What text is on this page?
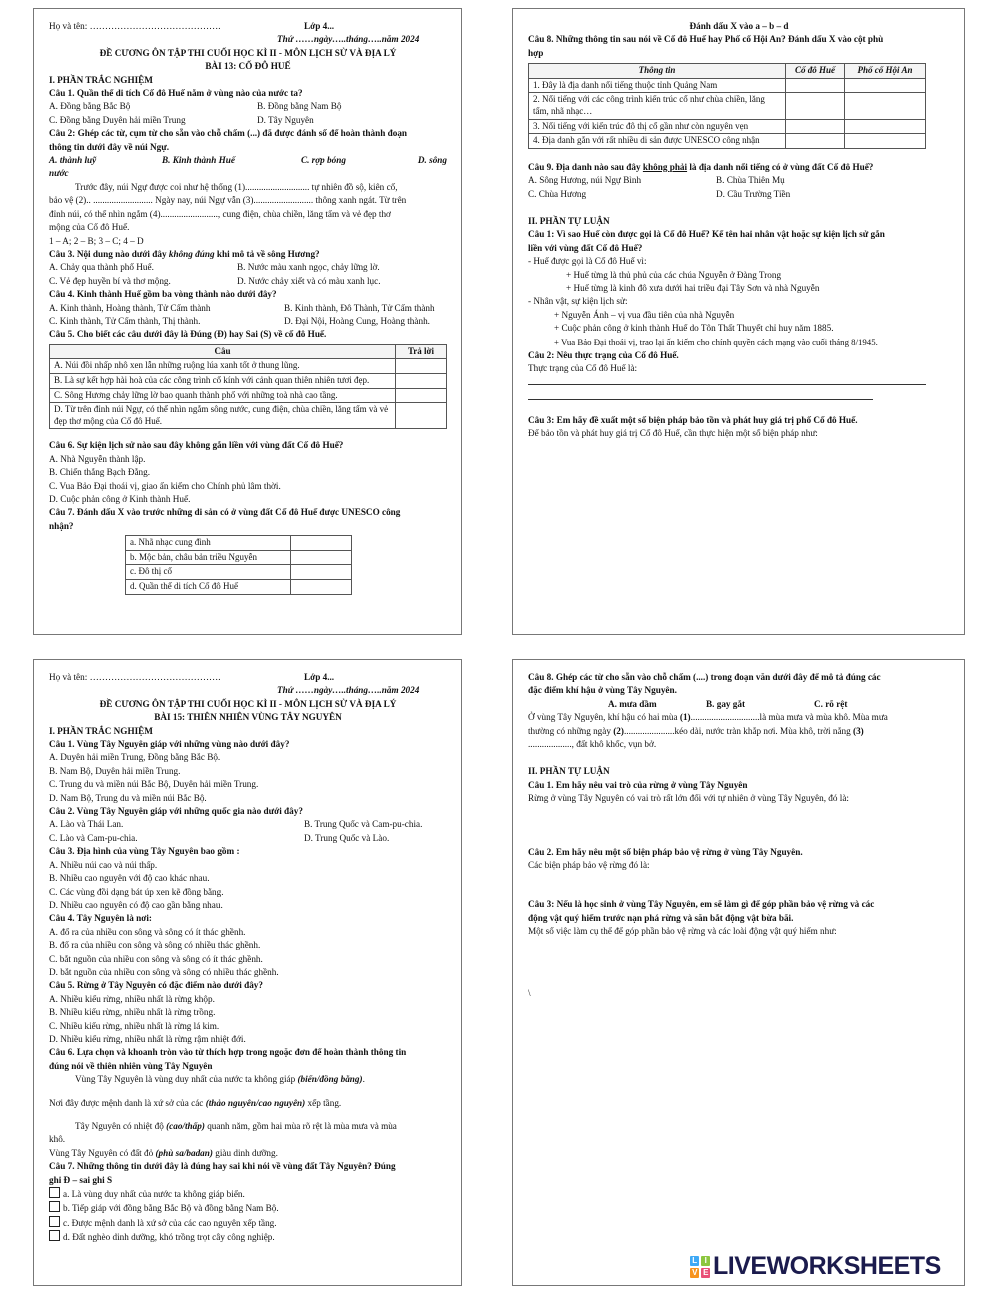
Họ và tên: …………………………………….	Lớp 4...
Thứ ……ngày…..tháng…..năm 2024
ĐỀ CƯƠNG ÔN TẬP THI CUỐI HỌC KÌ II - MÔN LỊCH SỬ VÀ ĐỊA LÝ
BÀI 13: CỐ ĐÔ HUẾ
I. PHẦN TRẮC NGHIỆM
Câu 1. Quần thể di tích Cố đô Huế nằm ở vùng nào của nước ta?
A. Đồng bằng Bắc Bộ	B. Đồng bằng Nam Bộ
C. Đồng bằng Duyên hải miền Trung	D. Tây Nguyên
Câu 2: Ghép các từ, cụm từ cho sẵn vào chỗ chấm (...) đã được đánh số để hoàn thành đoạn
thông tin dưới đây về núi Ngự.
A. thành luỹ	B. Kinh thành Huế	C. rợp bóng	D. sông
nước
Trước đây, núi Ngự được coi như hệ thống (1)............................ tự nhiên đồ sộ, kiên cố,
bảo vệ (2).. .......................... Ngày nay, núi Ngự vẫn (3).......................... thông xanh ngát. Từ trên
đỉnh núi, có thể nhìn ngắm (4)........................., cung điện, chùa chiền, lăng tẩm và vẻ đẹp thơ
mộng của Cố đô Huế.
1 – A; 2 – B; 3 – C; 4 – D
Câu 3. Nội dung nào dưới đây không đúng khi mô tả về sông Hương?
A. Chảy qua thành phố Huế.	B. Nước màu xanh ngọc, chảy lững lờ.
C. Vẻ đẹp huyền bí và thơ mộng.	D. Nước chảy xiết và có màu xanh lục.
Câu 4. Kinh thành Huế gồm ba vòng thành nào dưới đây?
A. Kinh thành, Hoàng thành, Tử Cấm thành	B. Kinh thành, Đô Thành, Tử Cấm thành
C. Kinh thành, Tử Cấm thành, Thị thành.	D. Đại Nội, Hoàng Cung, Hoàng thành.
Câu 5. Cho biết các câu dưới đây là Đúng (Đ) hay Sai (S) về cố đô Huế.
Câu	Trả lời
A. Núi đồi nhấp nhô xen lẫn những ruộng lúa xanh tốt ở thung lũng.	
B. Là sự kết hợp hài hoà của các công trình cổ kính với cảnh quan thiên nhiên tươi đẹp.	
C. Sông Hương chảy lững lờ bao quanh thành phố với những toà nhà cao tầng.	
D. Từ trên đỉnh núi Ngự, có thể nhìn ngắm sông nước, cung điện, chùa chiền, lăng tẩm và vẻ đẹp thơ mộng của Cố đô Huế.	
Câu 6. Sự kiện lịch sử nào sau đây không gắn liền với vùng đất Cố đô Huế?
A. Nhà Nguyễn thành lập.
B. Chiến thắng Bạch Đằng.
C. Vua Bảo Đại thoái vị, giao ấn kiếm cho Chính phủ lâm thời.
D. Cuộc phản công ở Kinh thành Huế.
Câu 7. Đánh dấu X vào trước những di sản có ở vùng đất Cố đô Huế được UNESCO công
nhận?
a. Nhã nhạc cung đình	
b. Mộc bản, châu bản triều Nguyễn	
c. Đô thị cổ	
d. Quần thể di tích Cố đô Huế	
Đánh dấu X vào a – b – d
Câu 8. Những thông tin sau nói về Cố đô Huế hay Phố cổ Hội An? Đánh dấu X vào cột phù
hợp
Thông tin	Cố đô Huế	Phố cổ Hội An
1. Đây là địa danh nổi tiếng thuộc tỉnh Quảng Nam		
2. Nổi tiếng với các công trình kiến trúc cổ như chùa chiền, lăng tẩm, nhã nhạc…		
3. Nổi tiếng với kiến trúc đô thị cổ gần như còn nguyên vẹn		
4. Địa danh gắn với rất nhiều di sản được UNESCO công nhận		
Câu 9. Địa danh nào sau đây không phải là địa danh nổi tiếng có ở vùng đất Cố đô Huế?
A. Sông Hương, núi Ngự Bình	B. Chùa Thiên Mụ
C. Chùa Hương	D. Cầu Trường Tiền
II. PHẦN TỰ LUẬN
Câu 1: Vì sao Huế còn được gọi là Cố đô Huế? Kể tên hai nhân vật hoặc sự kiện lịch sử gắn
liền với vùng đất Cố đô Huế?
- Huế được gọi là Cố đô Huế vì:
+ Huế từng là thủ phủ của các chúa Nguyễn ở Đàng Trong
+ Huế từng là kinh đô xưa dưới hai triều đại Tây Sơn và nhà Nguyễn
- Nhân vật, sự kiện lịch sử:
+ Nguyễn Ánh – vị vua đầu tiên của nhà Nguyễn
+ Cuộc phản công ở kinh thành Huế do Tôn Thất Thuyết chỉ huy năm 1885.
+ Vua Bảo Đại thoái vị, trao lại ấn kiếm cho chính quyền cách mạng vào cuối tháng 8/1945.
Câu 2: Nêu thực trạng của Cố đô Huế.
Thực trạng của Cố đô Huế là:
Câu 3: Em hãy đề xuất một số biện pháp bảo tồn và phát huy giá trị phố Cố đô Huế.
Để bảo tồn và phát huy giá trị Cố đô Huế, cần thực hiện một số biện pháp như:
Họ và tên: …………………………………….	Lớp 4...
Thứ ……ngày…..tháng…..năm 2024
ĐỀ CƯƠNG ÔN TẬP THI CUỐI HỌC KÌ II - MÔN LỊCH SỬ VÀ ĐỊA LÝ
BÀI 15: THIÊN NHIÊN VÙNG TÂY NGUYÊN
I. PHẦN TRẮC NGHIỆM
Câu 1. Vùng Tây Nguyên giáp với những vùng nào dưới đây?
A. Duyên hải miền Trung, Đồng bằng Bắc Bộ.
B. Nam Bộ, Duyên hải miền Trung.
C. Trung du và miền núi Bắc Bộ, Duyên hải miền Trung.
D. Nam Bộ, Trung du và miền núi Bắc Bộ.
Câu 2. Vùng Tây Nguyên giáp với những quốc gia nào dưới đây?
A. Lào và Thái Lan.	B. Trung Quốc và Cam-pu-chia.
C. Lào và Cam-pu-chia.	D. Trung Quốc và Lào.
Câu 3. Địa hình của vùng Tây Nguyên bao gồm :
A. Nhiều núi cao và núi thấp.
B. Nhiều cao nguyên với độ cao khác nhau.
C. Các vùng đồi dạng bát úp xen kẽ đồng bằng.
D. Nhiều cao nguyên có độ cao gần bằng nhau.
Câu 4. Tây Nguyên là nơi:
A. đổ ra của nhiều con sông và sông có ít thác ghềnh.
B. đổ ra của nhiều con sông và sông có nhiều thác ghềnh.
C. bắt nguồn của nhiều con sông và sông có ít thác ghềnh.
D. bắt nguồn của nhiều con sông và sông có nhiều thác ghềnh.
Câu 5. Rừng ở Tây Nguyên có đặc điểm nào dưới đây?
A. Nhiều kiểu rừng, nhiều nhất là rừng khộp.
B. Nhiều kiểu rừng, nhiều nhất là rừng trồng.
C. Nhiều kiểu rừng, nhiều nhất là rừng lá kim.
D. Nhiều kiểu rừng, nhiều nhất là rừng rậm nhiệt đới.
Câu 6. Lựa chọn và khoanh tròn vào từ thích hợp trong ngoặc đơn để hoàn thành thông tin
đúng nói về thiên nhiên vùng Tây Nguyên
Vùng Tây Nguyên là vùng duy nhất của nước ta không giáp (biển/đồng bằng).
Nơi đây được mệnh danh là xứ sở của các (thảo nguyên/cao nguyên) xếp tầng.
Tây Nguyên có nhiệt độ (cao/thấp) quanh năm, gồm hai mùa rõ rệt là mùa mưa và mùa
khô.
Vùng Tây Nguyên có đất đỏ (phù sa/badan) giàu dinh dưỡng.
Câu 7. Những thông tin dưới đây là đúng hay sai khi nói về vùng đất Tây Nguyên? Đúng
ghi Đ – sai ghi S
a. Là vùng duy nhất của nước ta không giáp biển.
b. Tiếp giáp với đồng bằng Bắc Bộ và đồng bằng Nam Bộ.
c. Được mệnh danh là xứ sở của các cao nguyên xếp tầng.
d. Đất nghèo dinh dưỡng, khó trồng trọt cây công nghiệp.
Câu 8. Ghép các từ cho sẵn vào chỗ chấm (....) trong đoạn văn dưới đây để mô tả đúng các
đặc điểm khí hậu ở vùng Tây Nguyên.
A. mưa dầm	B. gay gắt	C. rõ rệt
Ở vùng Tây Nguyên, khí hậu có hai mùa (1)..............................là mùa mưa và mùa khô. Mùa mưa
thường có những ngày (2)......................kéo dài, nước tràn khắp nơi. Mùa khô, trời nắng (3)
..................., đất khô khốc, vụn bở.
II. PHẦN TỰ LUẬN
Câu 1. Em hãy nêu vai trò của rừng ở vùng Tây Nguyên
Rừng ở vùng Tây Nguyên có vai trò rất lớn đối với tự nhiên ở vùng Tây Nguyên, đó là:
Câu 2. Em hãy nêu một số biện pháp bảo vệ rừng ở vùng Tây Nguyên.
Các biện pháp bảo vệ rừng đó là:
Câu 3: Nếu là học sinh ở vùng Tây Nguyên, em sẽ làm gì để góp phần bảo vệ rừng và các
động vật quý hiếm trước nạn phá rừng và săn bắt động vật bừa bãi.
Một số việc làm cụ thể để góp phần bảo vệ rừng và các loài động vật quý hiếm như:
\
L I
V E LIVEWORKSHEETS
